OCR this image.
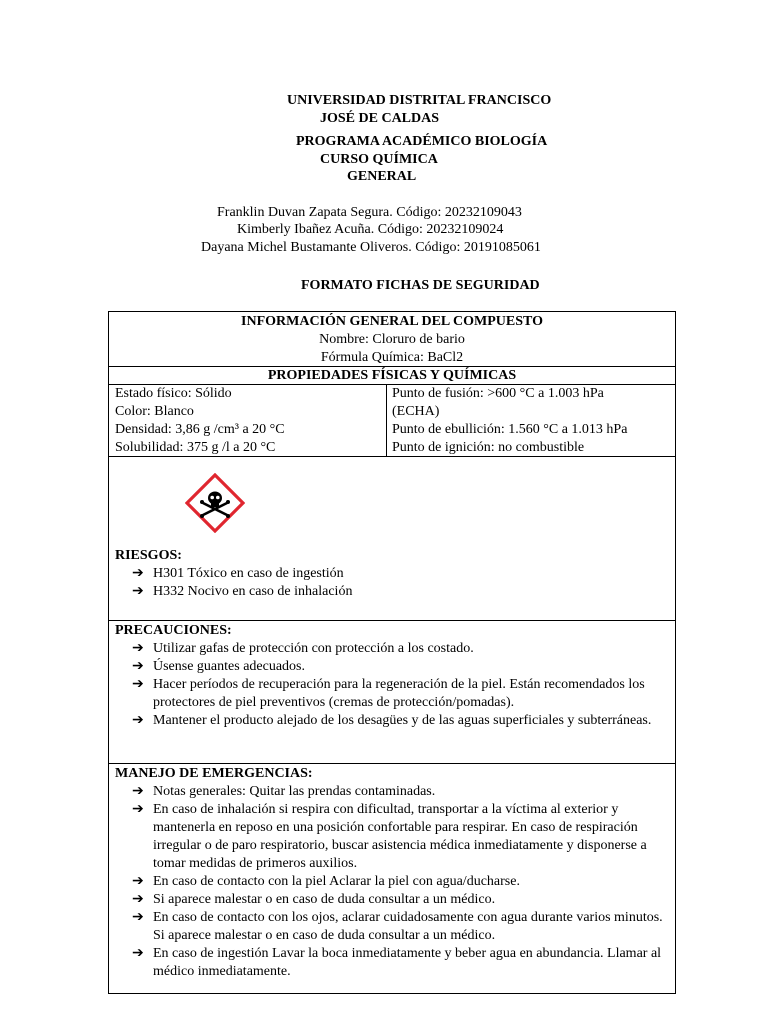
UNIVERSIDAD DISTRITAL FRANCISCO
JOSÉ DE CALDAS
PROGRAMA ACADÉMICO BIOLOGÍA
CURSO QUÍMICA
GENERAL
Franklin Duvan Zapata Segura. Código: 20232109043
Kimberly Ibañez Acuña. Código: 20232109024
Dayana Michel Bustamante Oliveros. Código: 20191085061
FORMATO FICHAS DE SEGURIDAD
INFORMACIÓN GENERAL DEL COMPUESTO
Nombre: Cloruro de bario
Fórmula Química: BaCl2
PROPIEDADES FÍSICAS Y QUÍMICAS
Estado físico: Sólido
Color: Blanco
Densidad: 3,86 g /cm³ a 20 °C
Solubilidad: 375 g /l a 20 °C
Punto de fusión: >600 °C a 1.003 hPa
(ECHA)
Punto de ebullición: 1.560 °C a 1.013 hPa
Punto de ignición: no combustible
RIESGOS:
➔ H301 Tóxico en caso de ingestión
➔ H332 Nocivo en caso de inhalación
PRECAUCIONES:
➔ Utilizar gafas de protección con protección a los costado.
➔ Úsense guantes adecuados.
➔ Hacer períodos de recuperación para la regeneración de la piel. Están recomendados los protectores de piel preventivos (cremas de protección/pomadas).
➔ Mantener el producto alejado de los desagües y de las aguas superficiales y subterráneas.
MANEJO DE EMERGENCIAS:
➔ Notas generales: Quitar las prendas contaminadas.
➔ En caso de inhalación si respira con dificultad, transportar a la víctima al exterior y mantenerla en reposo en una posición confortable para respirar. En caso de respiración irregular o de paro respiratorio, buscar asistencia médica inmediatamente y disponerse a tomar medidas de primeros auxilios.
➔ En caso de contacto con la piel Aclarar la piel con agua/ducharse.
➔ Si aparece malestar o en caso de duda consultar a un médico.
➔ En caso de contacto con los ojos, aclarar cuidadosamente con agua durante varios minutos. Si aparece malestar o en caso de duda consultar a un médico.
➔ En caso de ingestión Lavar la boca inmediatamente y beber agua en abundancia. Llamar al médico inmediatamente.
